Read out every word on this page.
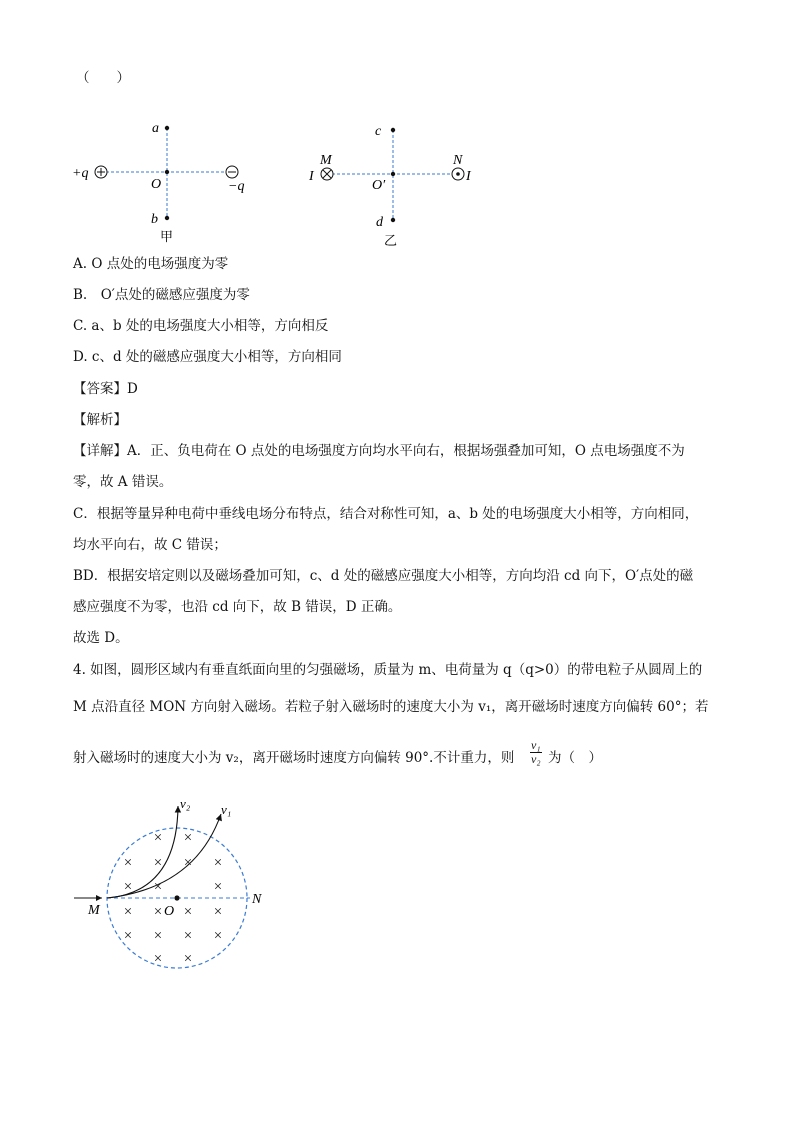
（　　）
a
O
b
+q
−q
甲
c
O′
d
M	N
I	I
乙
A. O 点处的电场强度为零
B.　O′点处的磁感应强度为零
C. a、b 处的电场强度大小相等，方向相反
D. c、d 处的磁感应强度大小相等，方向相同
【答案】D
【解析】
【详解】A．正、负电荷在 O 点处的电场强度方向均水平向右，根据场强叠加可知，O 点电场强度不为
零，故 A 错误。
C．根据等量异种电荷中垂线电场分布特点，结合对称性可知，a、b 处的电场强度大小相等，方向相同，
均水平向右，故 C 错误；
BD．根据安培定则以及磁场叠加可知，c、d 处的磁感应强度大小相等，方向均沿 cd 向下，O′点处的磁
感应强度不为零，也沿 cd 向下，故 B 错误，D 正确。
故选 D。
4. 如图，圆形区域内有垂直纸面向里的匀强磁场，质量为 m、电荷量为 q（q>0）的带电粒子从圆周上的
M 点沿直径 MON 方向射入磁场。若粒子射入磁场时的速度大小为 v₁，离开磁场时速度方向偏转 60°；若
射入磁场时的速度大小为 v₂，离开磁场时速度方向偏转 90°.不计重力，则 $\frac{\text{v₁}}{\text{v₂}}$ 为（　）
× ×
× × × ×
× ×	×
× × × ×
× × × ×
× ×
M	O
N
v₂ v₁
